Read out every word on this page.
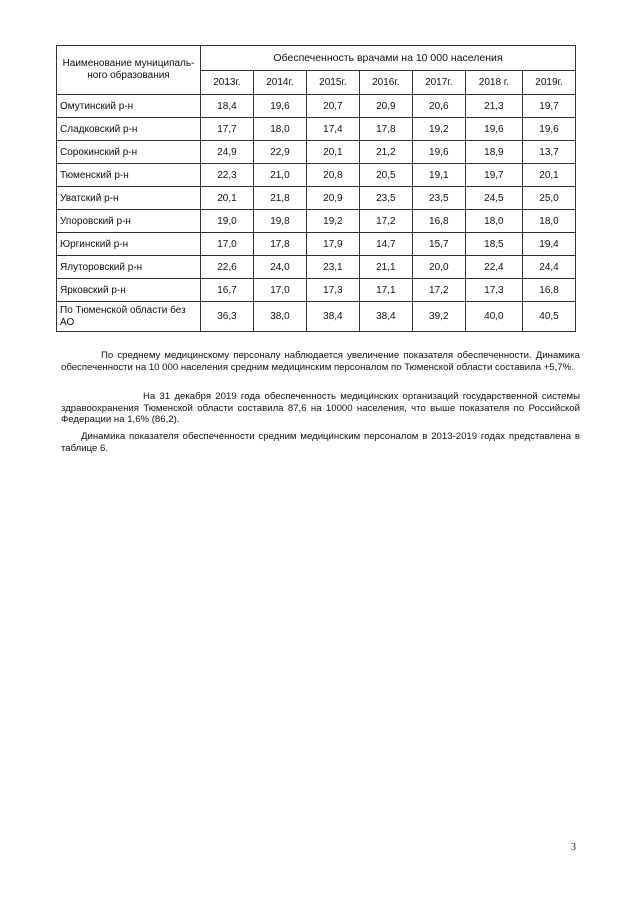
Наименование муниципаль-ного образования	Обеспеченность врачами на 10 000 населения						
	2013г.	2014г.	2015г.	2016г.	2017г.	2018 г.	2019г.
Омутинский р-н	18,4	19,6	20,7	20,9	20,6	21,3	19,7
Сладковский р-н	17,7	18,0	17,4	17,8	19,2	19,6	19,6
Сорокинский р-н	24,9	22,9	20,1	21,2	19,6	18,9	13,7
Тюменский р-н	22,3	21,0	20,8	20,5	19,1	19,7	20,1
Уватский р-н	20,1	21,8	20,9	23,5	23,5	24,5	25,0
Упоровский р-н	19,0	19,8	19,2	17,2	16,8	18,0	18,0
Юргинский р-н	17,0	17,8	17,9	14,7	15,7	18,5	19,4
Ялуторовский р-н	22,6	24,0	23,1	21,1	20,0	22,4	24,4
Ярковский р-н	16,7	17,0	17,3	17,1	17,2	17,3	16,8
По Тюменской области без АО	36,3	38,0	38,4	38,4	39,2	40,0	40,5

По среднему медицинскому персоналу наблюдается увеличение показателя обеспеченности. Динамика обеспеченности на 10 000 населения средним медицинским персоналом по Тюменской области составила +5,7%.

На 31 декабря 2019 года обеспеченность медицинских организаций государственной системы здравоохранения Тюменской области составила 87,6 на 10000 населения, что выше показателя по Российской Федерации на 1,6% (86,2).

Динамика показателя обеспеченности средним медицинским персоналом в 2013-2019 годах представлена в таблице 6.

3
